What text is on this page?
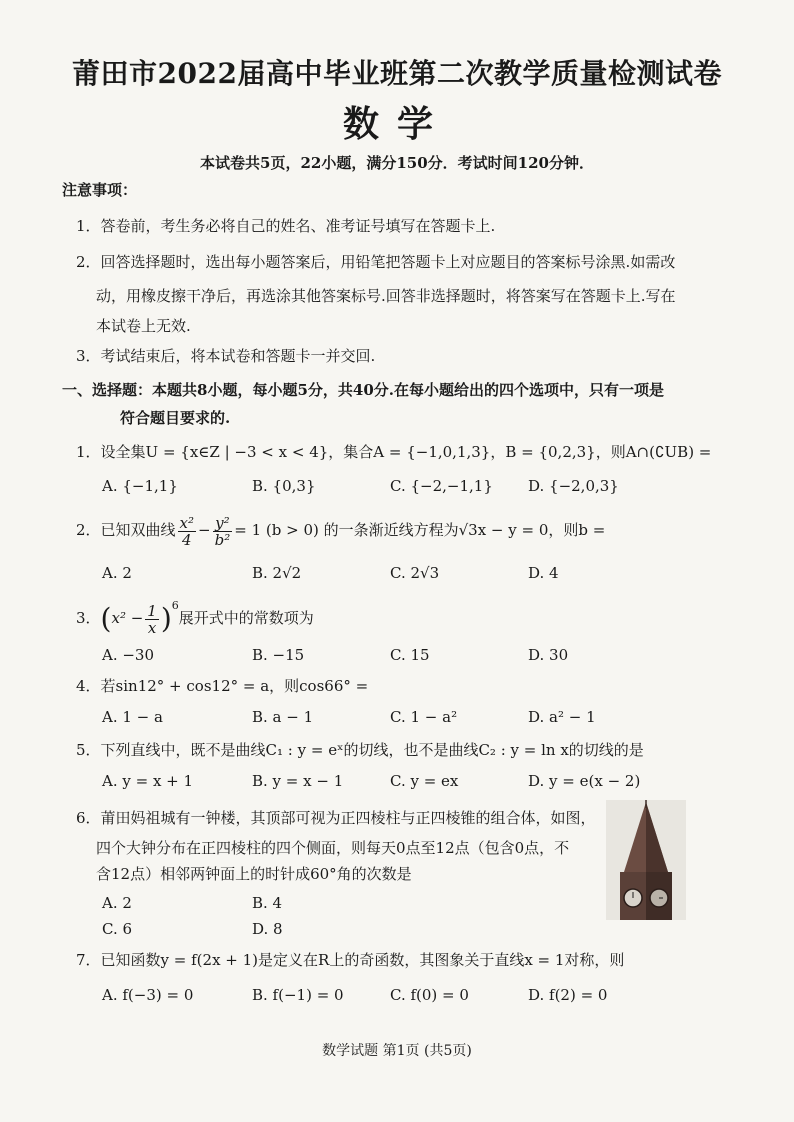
莆田市2022届高中毕业班第二次教学质量检测试卷
数学
本试卷共5页，22小题，满分150分．考试时间120分钟．
注意事项：
1．答卷前，考生务必将自己的姓名、准考证号填写在答题卡上.
2．回答选择题时，选出每小题答案后，用铅笔把答题卡上对应题目的答案标号涂黑.如需改
动，用橡皮擦干净后，再选涂其他答案标号.回答非选择题时，将答案写在答题卡上.写在
本试卷上无效.
3．考试结束后，将本试卷和答题卡一并交回.
一、选择题：本题共8小题，每小题5分，共40分.在每小题给出的四个选项中，只有一项是
符合题目要求的.
1．设全集U = {x∈Z | −3 < x < 4}，集合A = {−1,0,1,3}，B = {0,2,3}，则A∩(∁UB) =
A. {−1,1}	B. {0,3}	C. {−2,−1,1} D. {−2,0,3}
2．已知双曲线 $\frac{\text{x²}}{4} - \frac{\text{y²}}{\text{b²}} = 1$ (b > 0) 的一条渐近线方程为√3x − y = 0，则b =
A. 2	B. 2√2	C. 2√3	D. 4
3．$(x^2 - \frac{1}{x} )^6$展开式中的常数项为
A. −30	B. −15	C. 15	D. 30
4．若sin12° + cos12° = a，则cos66° =
A. 1 − a	B. a − 1	C. 1 − a²	D. a² − 1
5．下列直线中，既不是曲线C₁ : y = eˣ的切线，也不是曲线C₂ : y = ln x的切线的是
A. y = x + 1	B. y = x − 1	C. y = ex	D. y = e(x − 2)
6．莆田妈祖城有一钟楼，其顶部可视为正四棱柱与正四棱锥的组合体，如图，
四个大钟分布在正四棱柱的四个侧面，则每天0点至12点（包含0点，不
含12点）相邻两钟面上的时针成60°角的次数是
A. 2	B. 4
C. 6	D. 8
7．已知函数y = f(2x + 1)是定义在R上的奇函数，其图象关于直线x = 1对称，则
A. f(−3) = 0	B. f(−1) = 0	C. f(0) = 0	D. f(2) = 0
数学试题 第1页 (共5页)
